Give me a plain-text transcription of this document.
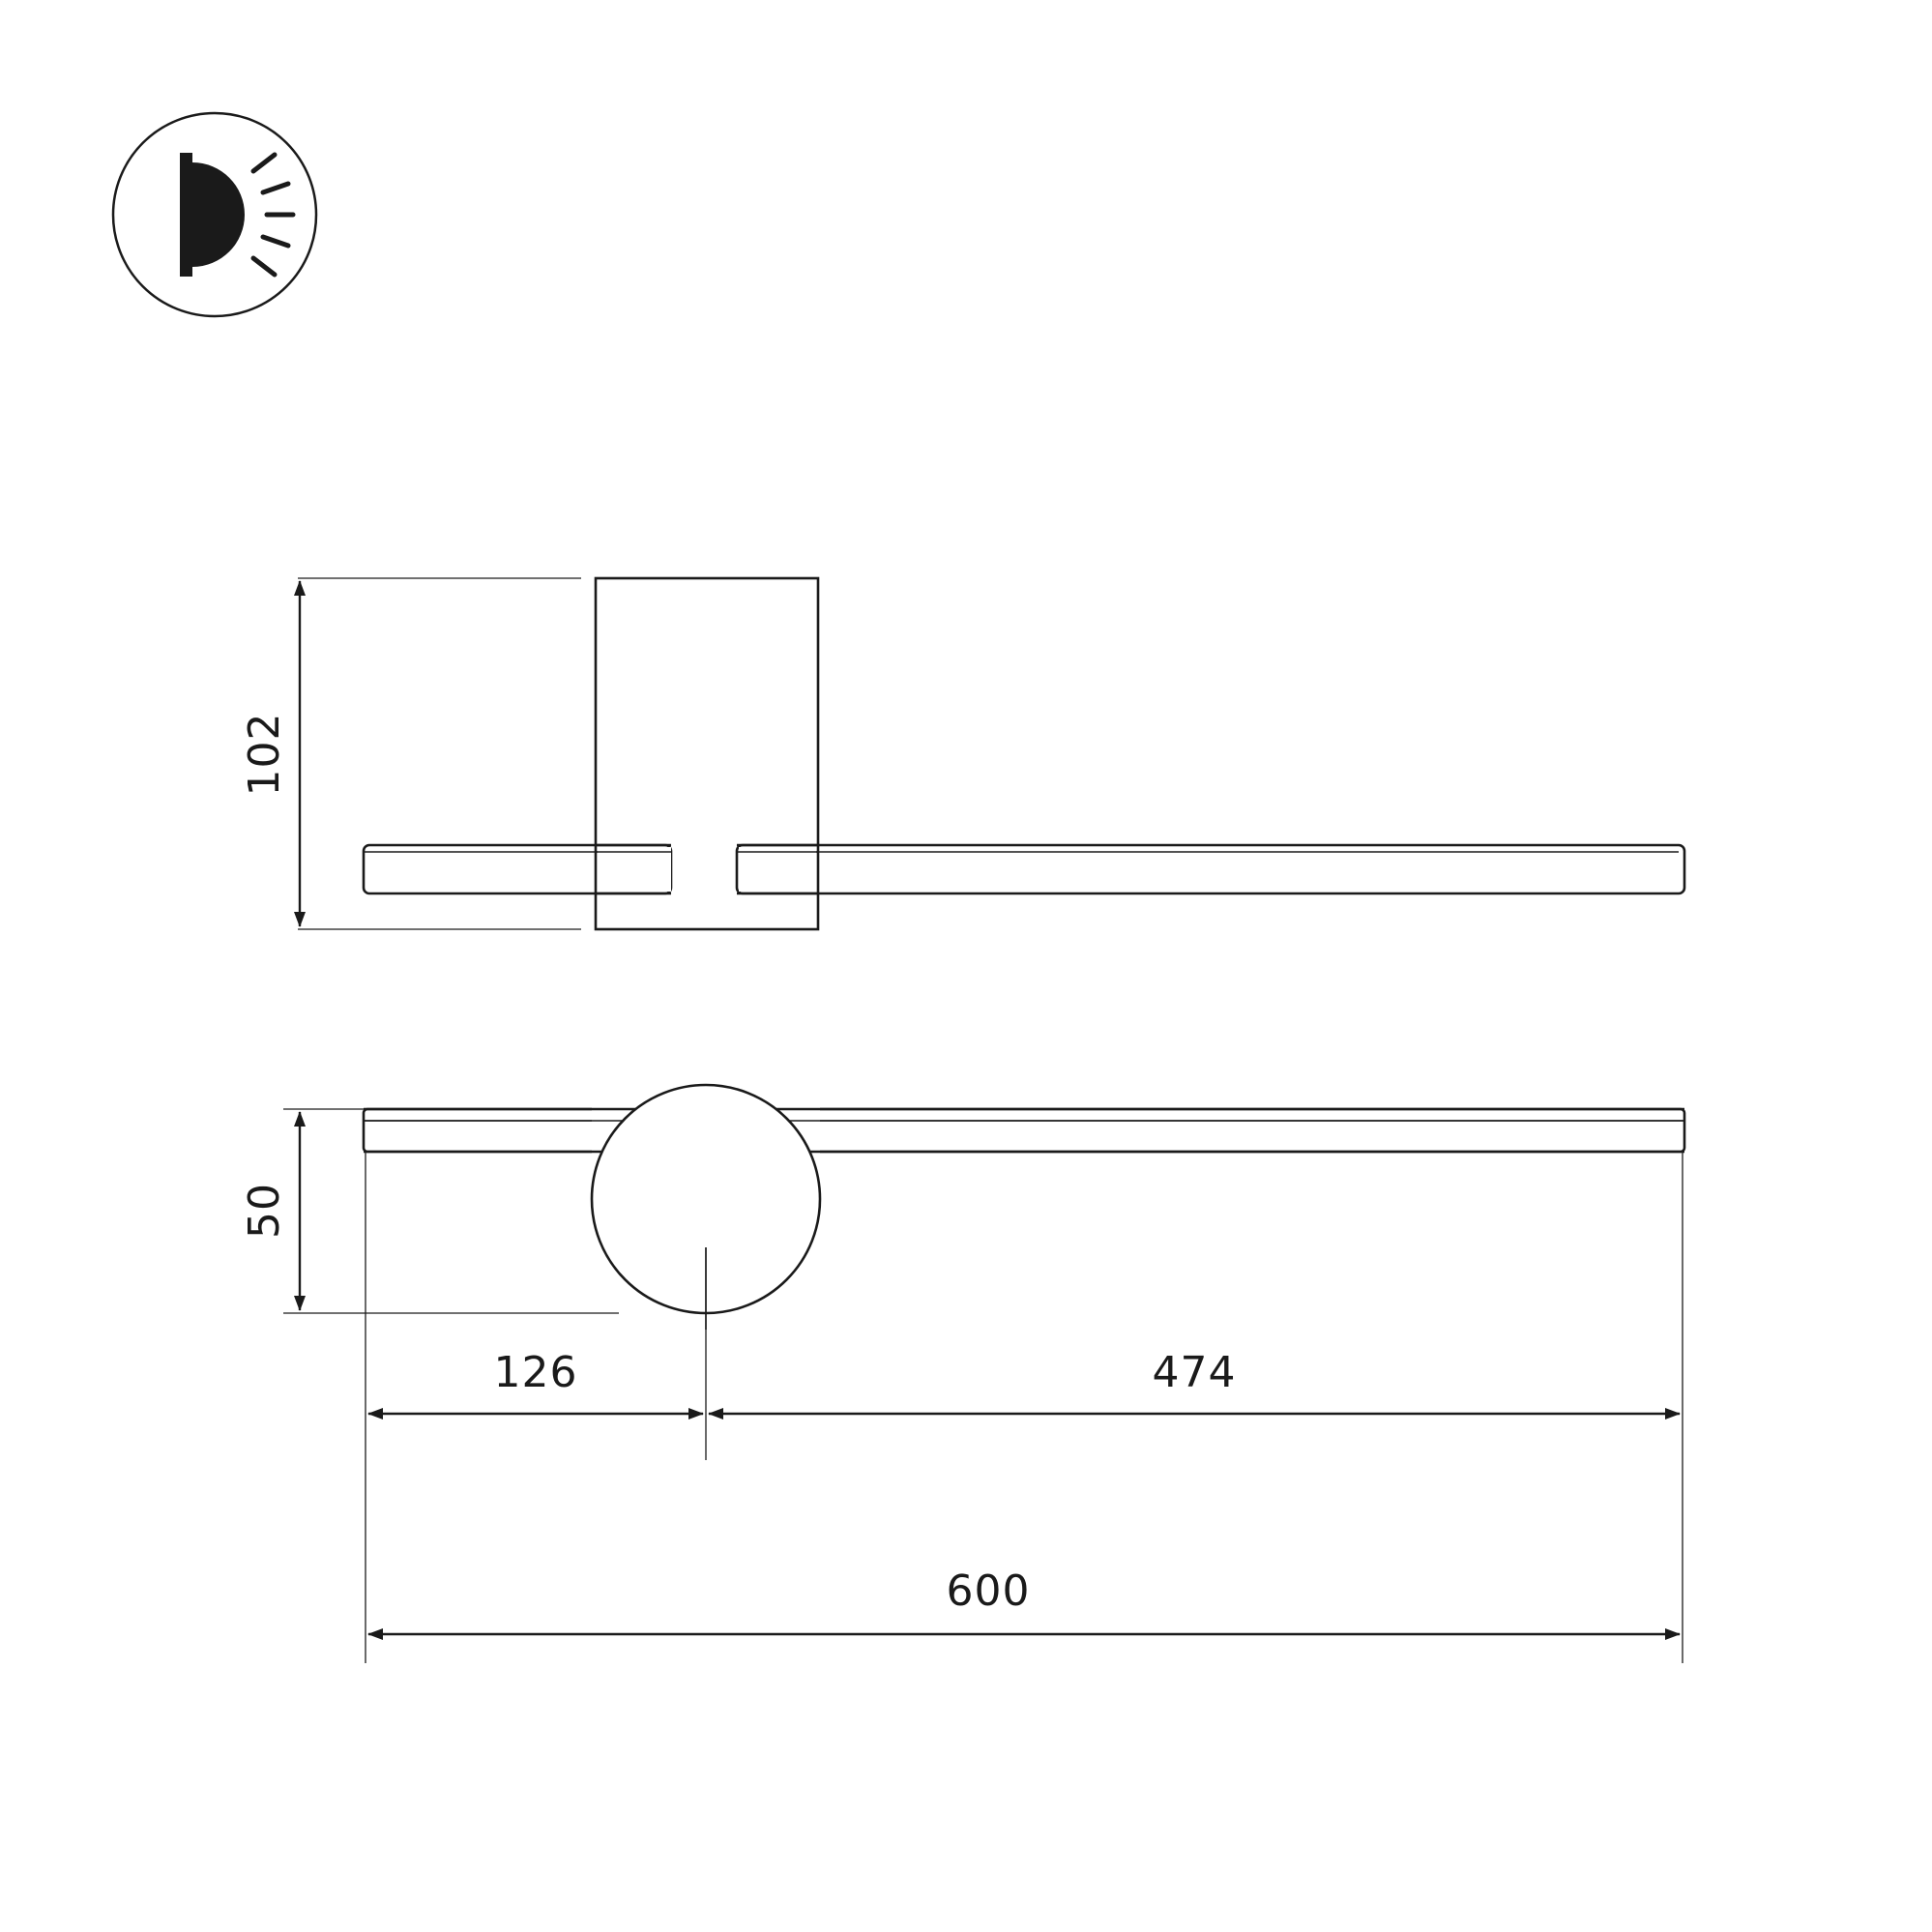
102
50
126	474
600
